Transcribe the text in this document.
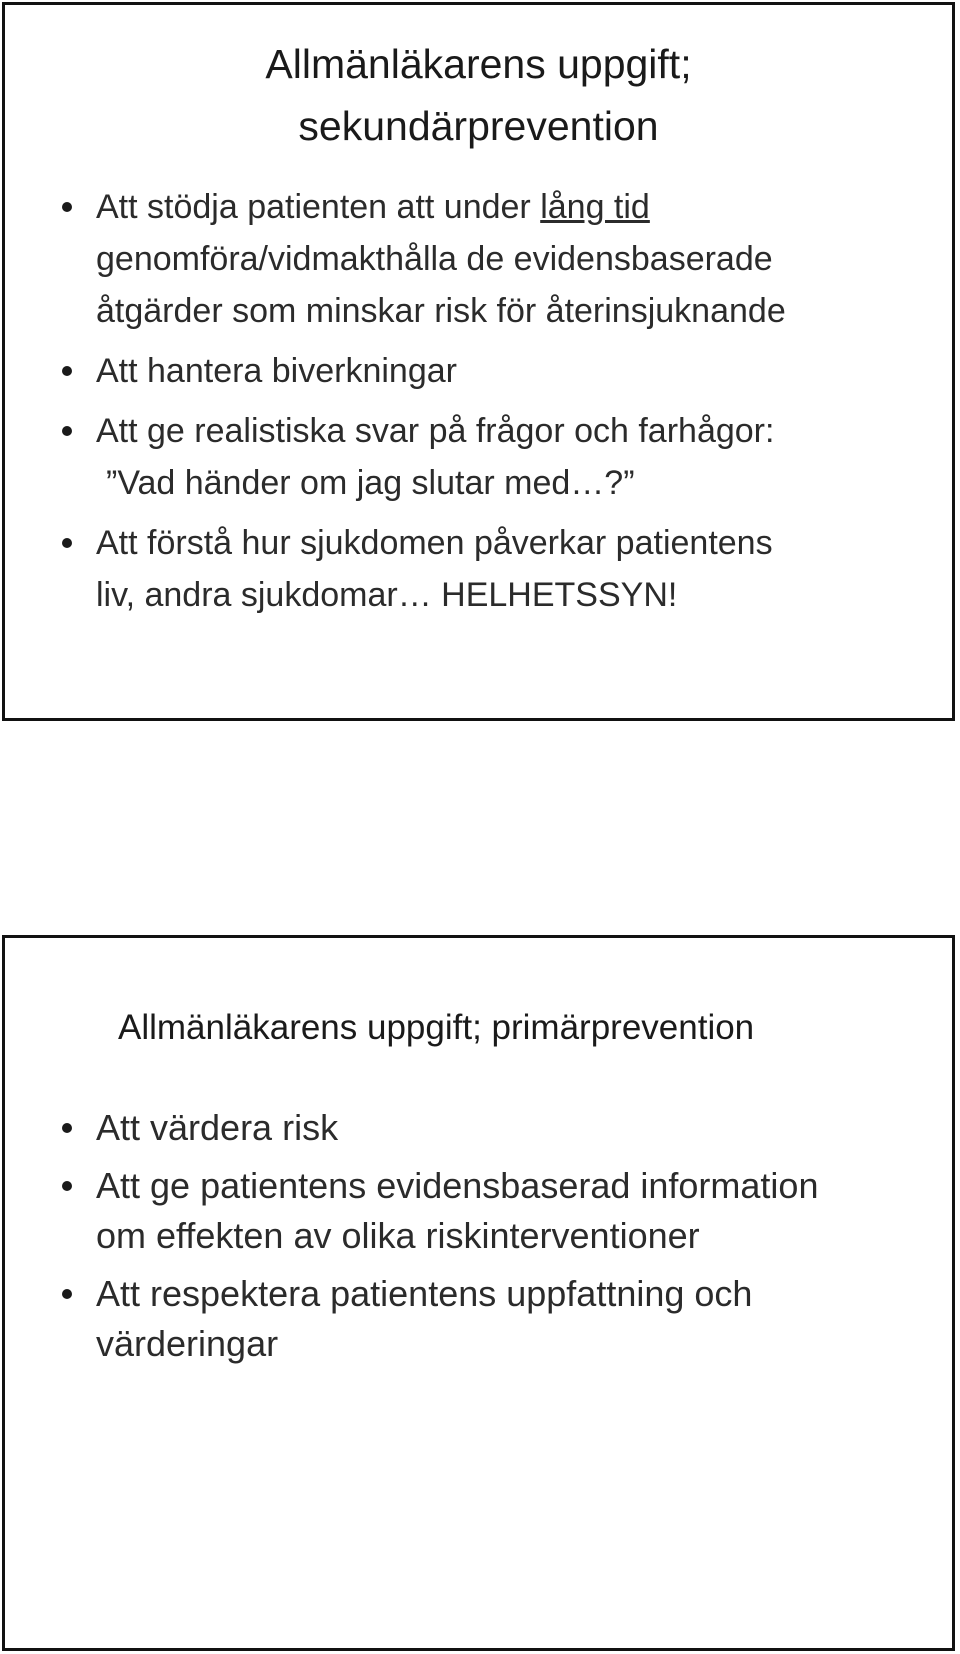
Allmänläkarens uppgift;
sekundärprevention
Att stödja patienten att under lång tid
genomföra/vidmakthålla de evidensbaserade
åtgärder som minskar risk för återinsjuknande
Att hantera biverkningar
Att ge realistiska svar på frågor och farhågor:
”Vad händer om jag slutar med…?”
Att förstå hur sjukdomen påverkar patientens
liv, andra sjukdomar… HELHETSSYN!
Allmänläkarens uppgift; primärprevention
Att värdera risk
Att ge patientens evidensbaserad information
om effekten av olika riskinterventioner
Att respektera patientens uppfattning och
värderingar
